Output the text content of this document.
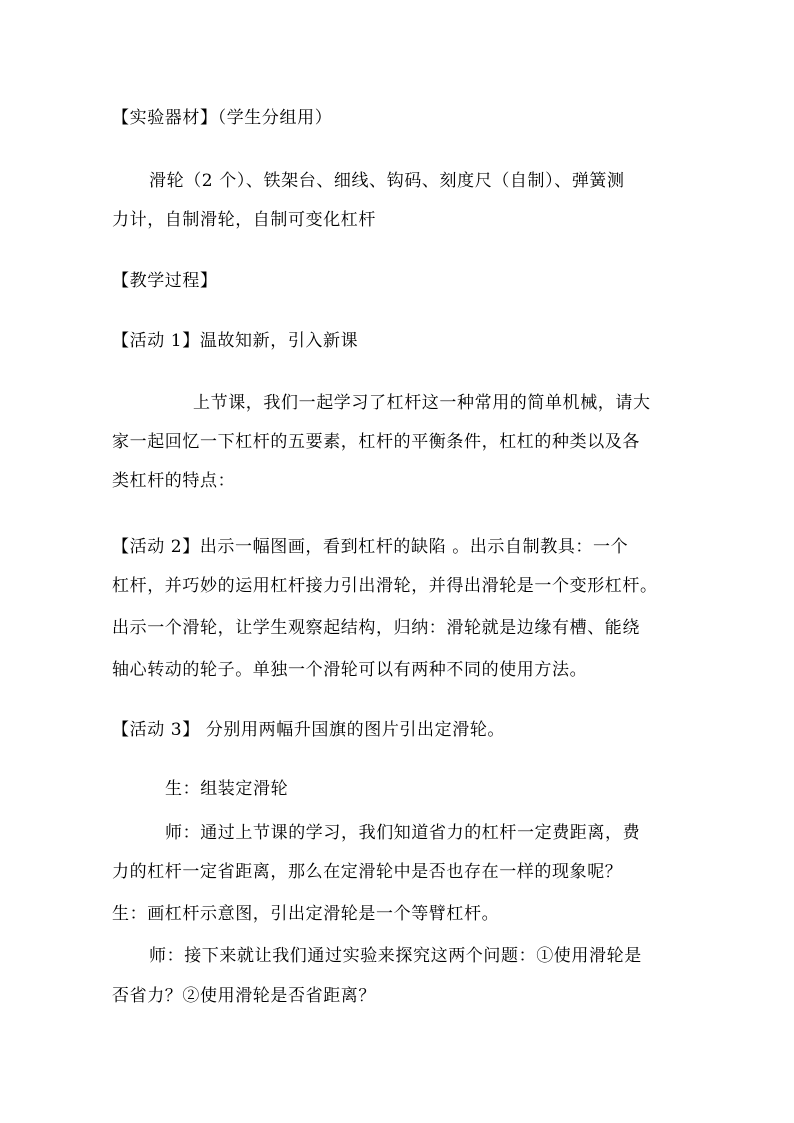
【实验器材】（学生分组用）
滑轮（2 个）、铁架台、细线、钩码、刻度尺（自制）、弹簧测
力计，自制滑轮，自制可变化杠杆
【教学过程】
【活动 1】温故知新，引入新课
上节课，我们一起学习了杠杆这一种常用的简单机械，请大
家一起回忆一下杠杆的五要素，杠杆的平衡条件，杠杠的种类以及各
类杠杆的特点：
【活动 2】出示一幅图画，看到杠杆的缺陷 。出示自制教具：一个
杠杆，并巧妙的运用杠杆接力引出滑轮，并得出滑轮是一个变形杠杆。
出示一个滑轮，让学生观察起结构，归纳：滑轮就是边缘有槽、能绕
轴心转动的轮子。单独一个滑轮可以有两种不同的使用方法。
【活动 3】 分别用两幅升国旗的图片引出定滑轮。
生：组装定滑轮
师：通过上节课的学习，我们知道省力的杠杆一定费距离，费
力的杠杆一定省距离，那么在定滑轮中是否也存在一样的现象呢？
生：画杠杆示意图，引出定滑轮是一个等臂杠杆。
师：接下来就让我们通过实验来探究这两个问题：①使用滑轮是
否省力？②使用滑轮是否省距离？
